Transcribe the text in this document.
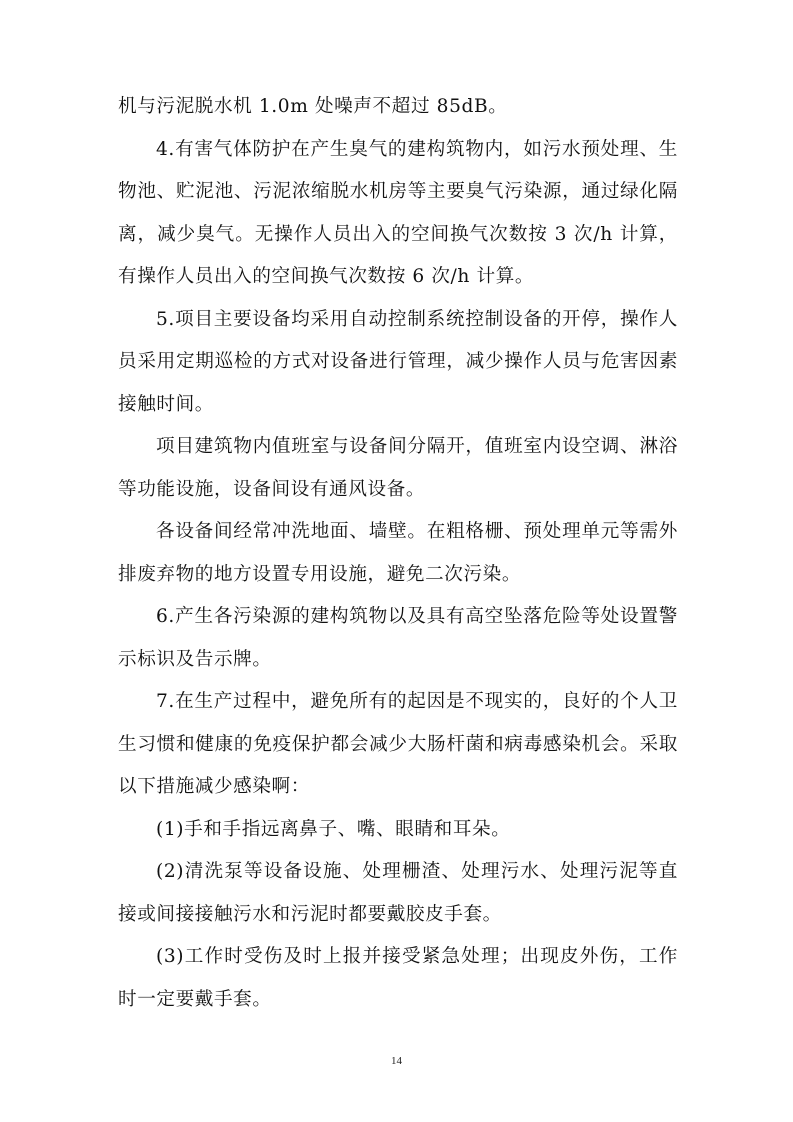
机与污泥脱水机 1.0m 处噪声不超过 85dB。

4.有害气体防护在产生臭气的建构筑物内，如污水预处理、生物池、贮泥池、污泥浓缩脱水机房等主要臭气污染源，通过绿化隔离，减少臭气。无操作人员出入的空间换气次数按 3 次/h 计算，有操作人员出入的空间换气次数按 6 次/h 计算。

5.项目主要设备均采用自动控制系统控制设备的开停，操作人员采用定期巡检的方式对设备进行管理，减少操作人员与危害因素接触时间。

项目建筑物内值班室与设备间分隔开，值班室内设空调、淋浴等功能设施，设备间设有通风设备。

各设备间经常冲洗地面、墙壁。在粗格栅、预处理单元等需外排废弃物的地方设置专用设施，避免二次污染。

6.产生各污染源的建构筑物以及具有高空坠落危险等处设置警示标识及告示牌。

7.在生产过程中，避免所有的起因是不现实的，良好的个人卫生习惯和健康的免疫保护都会减少大肠杆菌和病毒感染机会。采取以下措施减少感染啊：

(1)手和手指远离鼻子、嘴、眼睛和耳朵。

(2)清洗泵等设备设施、处理栅渣、处理污水、处理污泥等直接或间接接触污水和污泥时都要戴胶皮手套。

(3)工作时受伤及时上报并接受紧急处理；出现皮外伤，工作时一定要戴手套。

14
